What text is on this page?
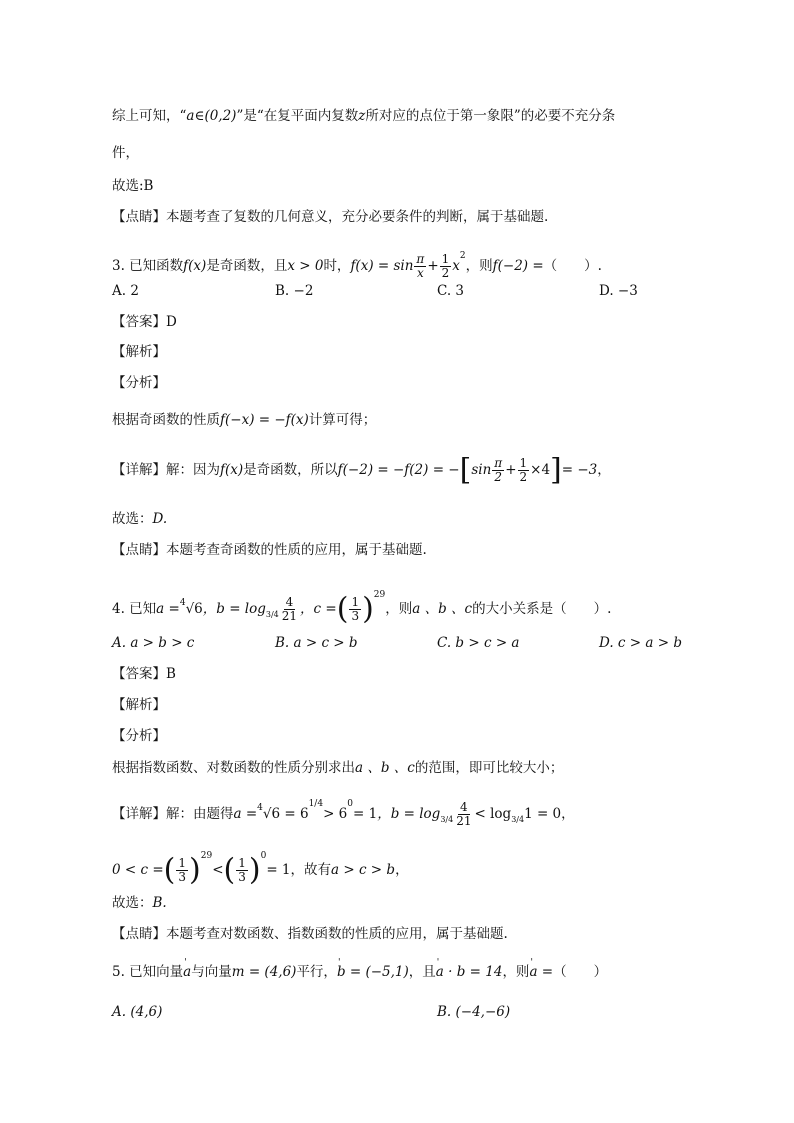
综上可知，“a∈(0,2)”是“在复平面内复数z所对应的点位于第一象限”的必要不充分条
件，
故选:B
【点睛】本题考查了复数的几何意义，充分必要条件的判断，属于基础题.
3. 已知函数f(x)是奇函数，且x > 0时，$f(x) = \sin \frac{\pi}{x} + \frac{1}{2} x^2$，则f(−2) =（　　）.
A. 2	B. −2	C. 3	D. −3
【答案】D
【解析】
【分析】
根据奇函数的性质f(−x) = −f(x)计算可得；
【详解】解：因为f(x)是奇函数，所以$f(-2) = -f(2) = -[\sin \frac{\pi}{2} + \frac{1}{2} \times 4]= -3$，
故选：D.
【点睛】本题考查奇函数的性质的应用，属于基础题.
4. 已知a =$^4$√6，$b = \log_{3/4} \frac{4}{21}$ ，c =( $\frac{1}{3} )^{29}$，则a 、b 、c的大小关系是（　　）.
A. a > b > c	B. a > c > b	C. b > c > a	D. c > a > b
【答案】B
【解析】
【分析】
根据指数函数、对数函数的性质分别求出a 、b 、c的范围，即可比较大小；
【详解】解：由题得$a =^4√6 = 6^{1/4}> 6^0= 1$，$b = \log_{3/4} \frac{4}{21} < \log_{3/4}1 = 0$，
0 < c =( $\frac{1}{3} )^{29}<( \frac{1}{3} )^0= 1$，故有a > c > b，
故选：B.
【点睛】本题考查对数函数、指数函数的性质的应用，属于基础题.
5. 已知向量' a与向量m = (4,6)平行，' b = (−5,1)，且' a · b = 14，则' a =（　　）
A. (4,6)	B. (−4,−6)
